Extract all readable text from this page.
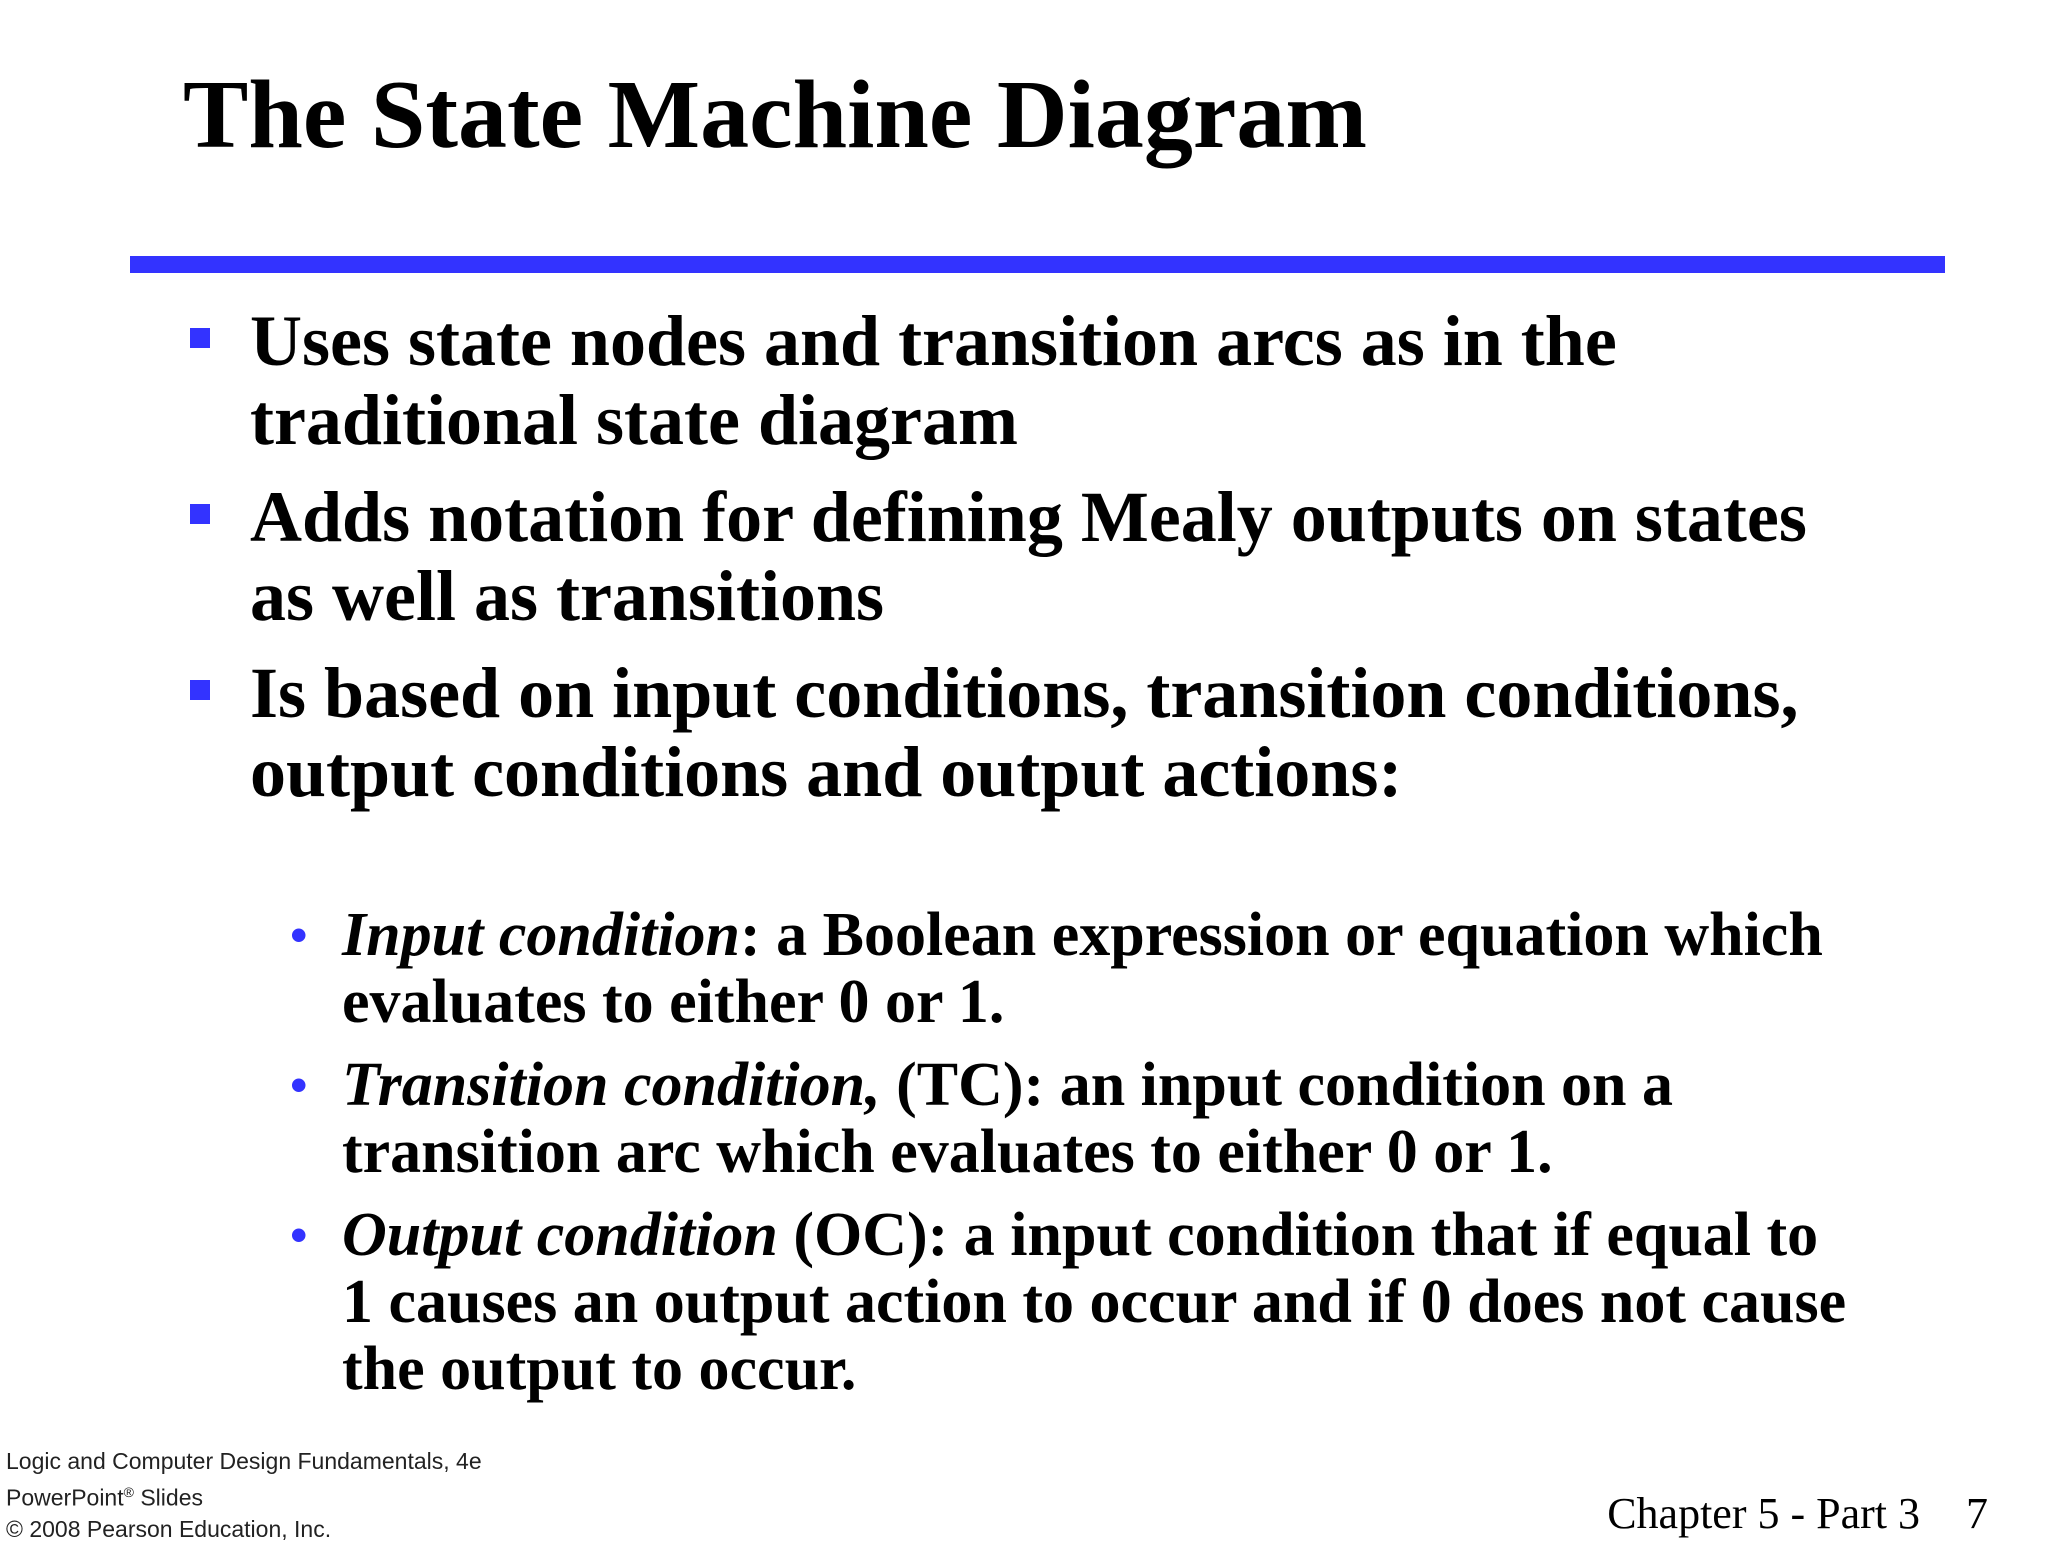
The State Machine Diagram
Uses state nodes and transition arcs as in the traditional state diagram
Adds notation for defining Mealy outputs on states as well as transitions
Is based on input conditions, transition conditions, output conditions and output actions:
• Input condition: a Boolean expression or equation which evaluates to either 0 or 1.
• Transition condition, (TC): an input condition on a transition arc which evaluates to either 0 or 1.
• Output condition (OC): a input condition that if equal to 1 causes an output action to occur and if 0 does not cause the output to occur.
Logic and Computer Design Fundamentals, 4e
PowerPoint® Slides
© 2008 Pearson Education, Inc.	Chapter 5 - Part 3 7
